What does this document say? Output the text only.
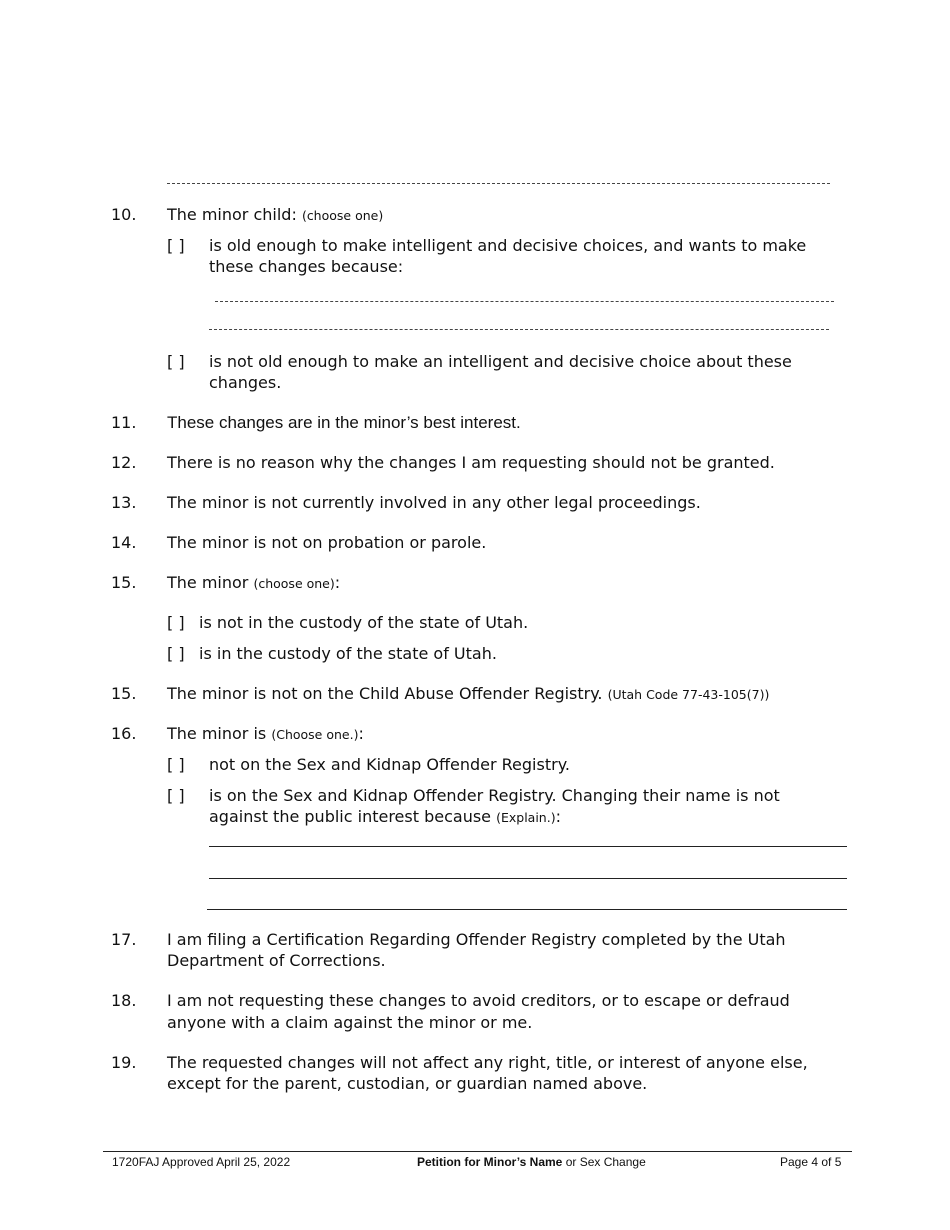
10. The minor child: (choose one)
[ ] is old enough to make intelligent and decisive choices, and wants to make
these changes because:
[ ] is not old enough to make an intelligent and decisive choice about these
changes.
11. These changes are in the minor’s best interest.
12. There is no reason why the changes I am requesting should not be granted.
13. The minor is not currently involved in any other legal proceedings.
14. The minor is not on probation or parole.
15. The minor (choose one):
[ ] is not in the custody of the state of Utah.
[ ] is in the custody of the state of Utah.
15. The minor is not on the Child Abuse Offender Registry. (Utah Code 77-43-105(7))
16. The minor is (Choose one.):
[ ] not on the Sex and Kidnap Offender Registry.
[ ] is on the Sex and Kidnap Offender Registry. Changing their name is not
against the public interest because (Explain.):
17. I am filing a Certification Regarding Offender Registry completed by the Utah
Department of Corrections.
18. I am not requesting these changes to avoid creditors, or to escape or defraud
anyone with a claim against the minor or me.
19. The requested changes will not affect any right, title, or interest of anyone else,
except for the parent, custodian, or guardian named above.
1720FAJ Approved April 25, 2022	Petition for Minor’s Name or Sex Change	Page 4 of 5
